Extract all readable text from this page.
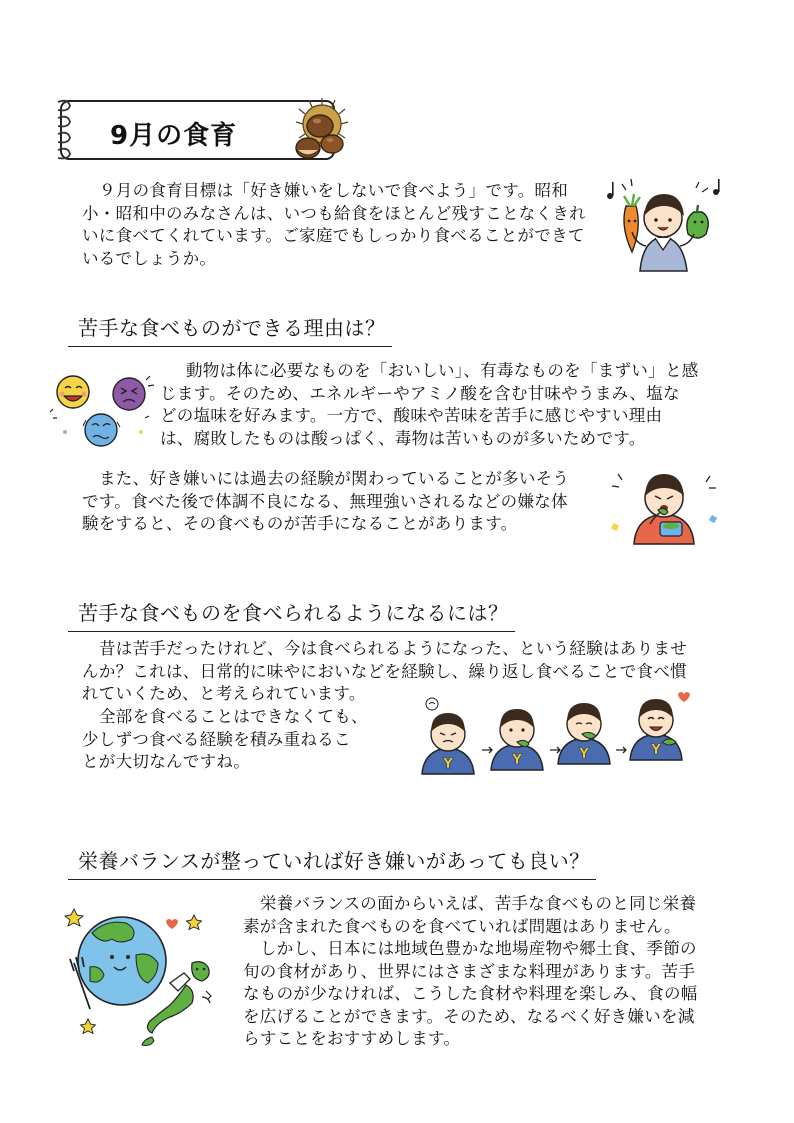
9月の食育
９月の食育目標は「好き嫌いをしないで食べよう」です。昭和
小・昭和中のみなさんは、いつも給食をほとんど残すことなくきれ
いに食べてくれています。ご家庭でもしっかり食べることができて
いるでしょうか。
苦手な食べものができる理由は？
動物は体に必要なものを「おいしい」、有毒なものを「まずい」と感
じます。そのため、エネルギーやアミノ酸を含む甘味やうまみ、塩な
どの塩味を好みます。一方で、酸味や苦味を苦手に感じやすい理由
は、腐敗したものは酸っぱく、毒物は苦いものが多いためです。
また、好き嫌いには過去の経験が関わっていることが多いそう
です。食べた後で体調不良になる、無理強いされるなどの嫌な体
験をすると、その食べものが苦手になることがあります。
苦手な食べものを食べられるようになるには？
昔は苦手だったけれど、今は食べられるようになった、という経験はありませ
んか？これは、日常的に味やにおいなどを経験し、繰り返し食べることで食べ慣
れていくため、と考えられています。
全部を食べることはできなくても、
少しずつ食べる経験を積み重ねるこ
とが大切なんですね。	Y	Y	Y	Y
栄養バランスが整っていれば好き嫌いがあっても良い？
栄養バランスの面からいえば、苦手な食べものと同じ栄養
素が含まれた食べものを食べていれば問題はありません。
しかし、日本には地域色豊かな地場産物や郷土食、季節の
旬の食材があり、世界にはさまざまな料理があります。苦手
なものが少なければ、こうした食材や料理を楽しみ、食の幅
を広げることができます。そのため、なるべく好き嫌いを減
らすことをおすすめします。
